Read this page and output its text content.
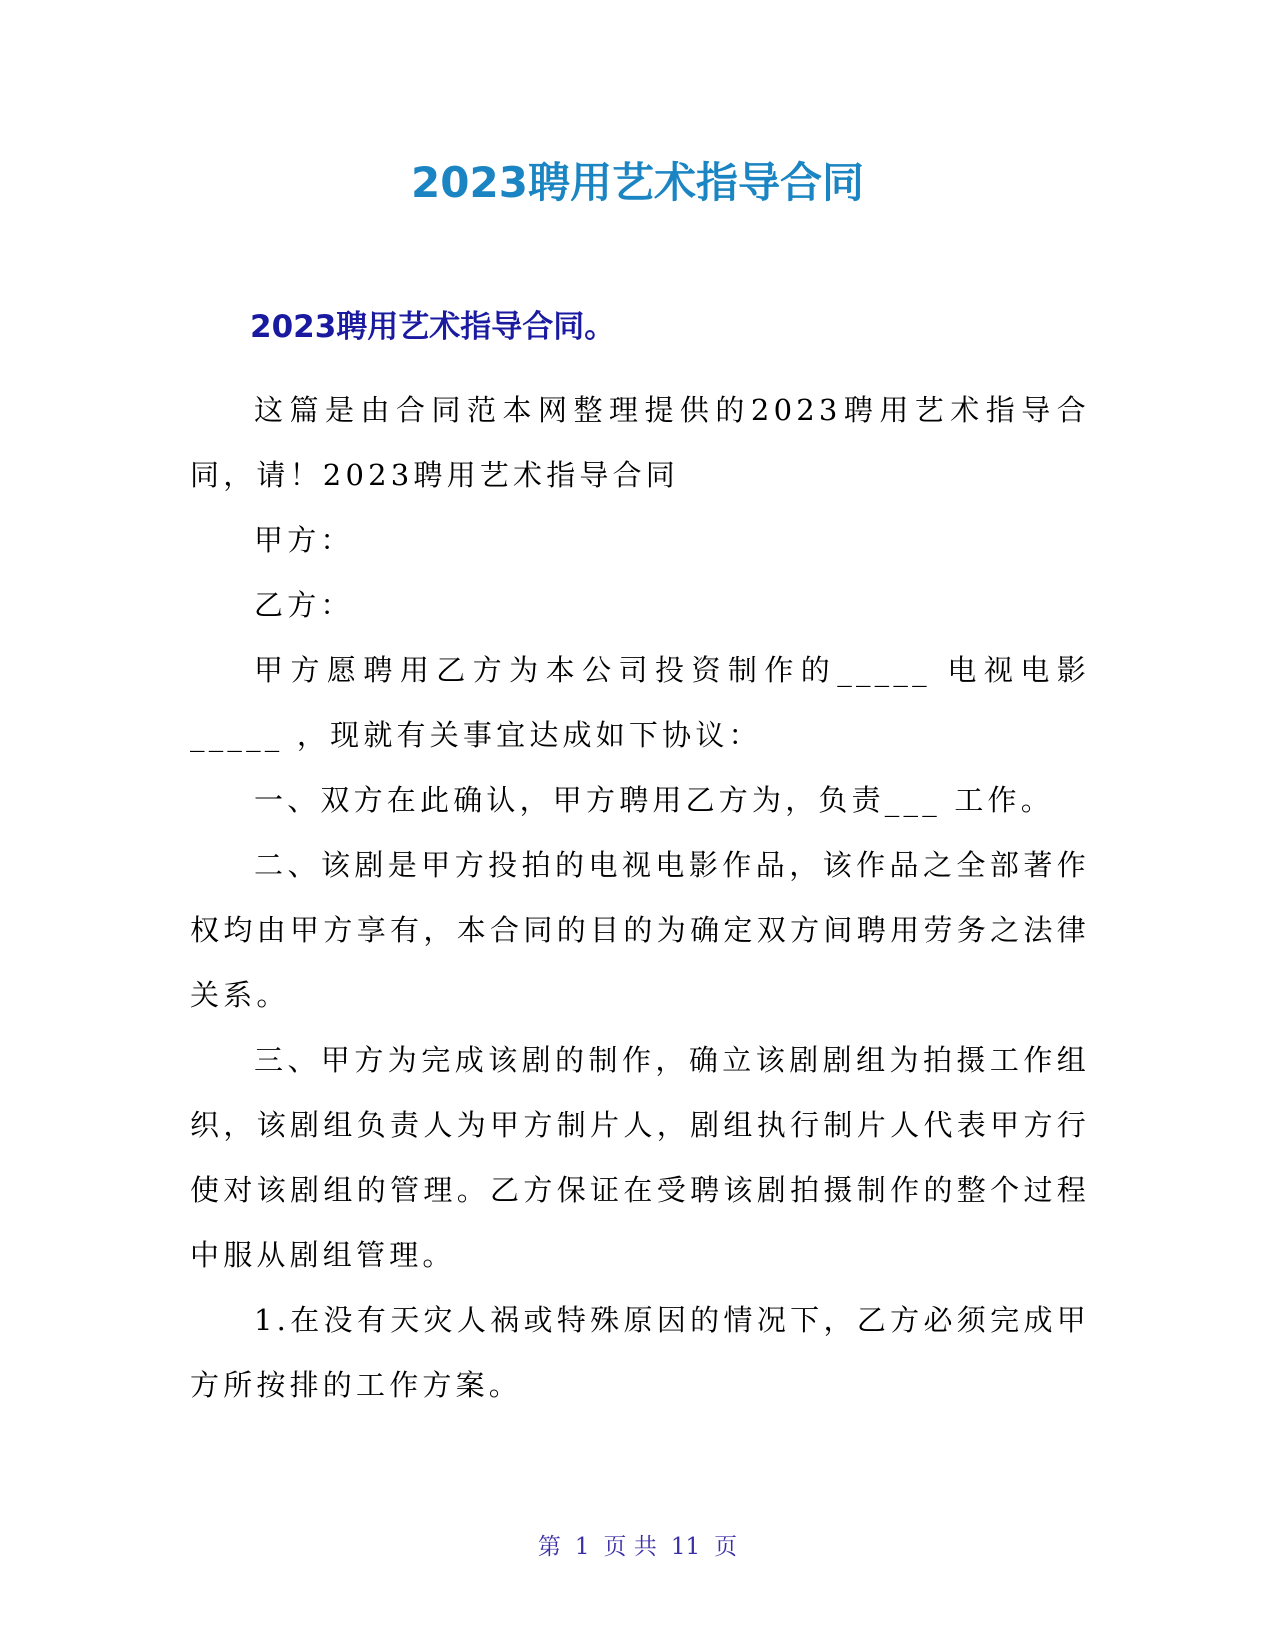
2023聘用艺术指导合同
2023聘用艺术指导合同。

这篇是由合同范本网整理提供的2023聘用艺术指导合同，请！2023聘用艺术指导合同

甲方：

乙方：

甲方愿聘用乙方为本公司投资制作的_____ 电视电影_____ ，现就有关事宜达成如下协议：

一、双方在此确认，甲方聘用乙方为，负责___ 工作。

二、该剧是甲方投拍的电视电影作品，该作品之全部著作权均由甲方享有，本合同的目的为确定双方间聘用劳务之法律关系。

三、甲方为完成该剧的制作，确立该剧剧组为拍摄工作组织，该剧组负责人为甲方制片人，剧组执行制片人代表甲方行使对该剧组的管理。乙方保证在受聘该剧拍摄制作的整个过程中服从剧组管理。

1.在没有天灾人祸或特殊原因的情况下，乙方必须完成甲方所按排的工作方案。

第 1 页 共 11 页
